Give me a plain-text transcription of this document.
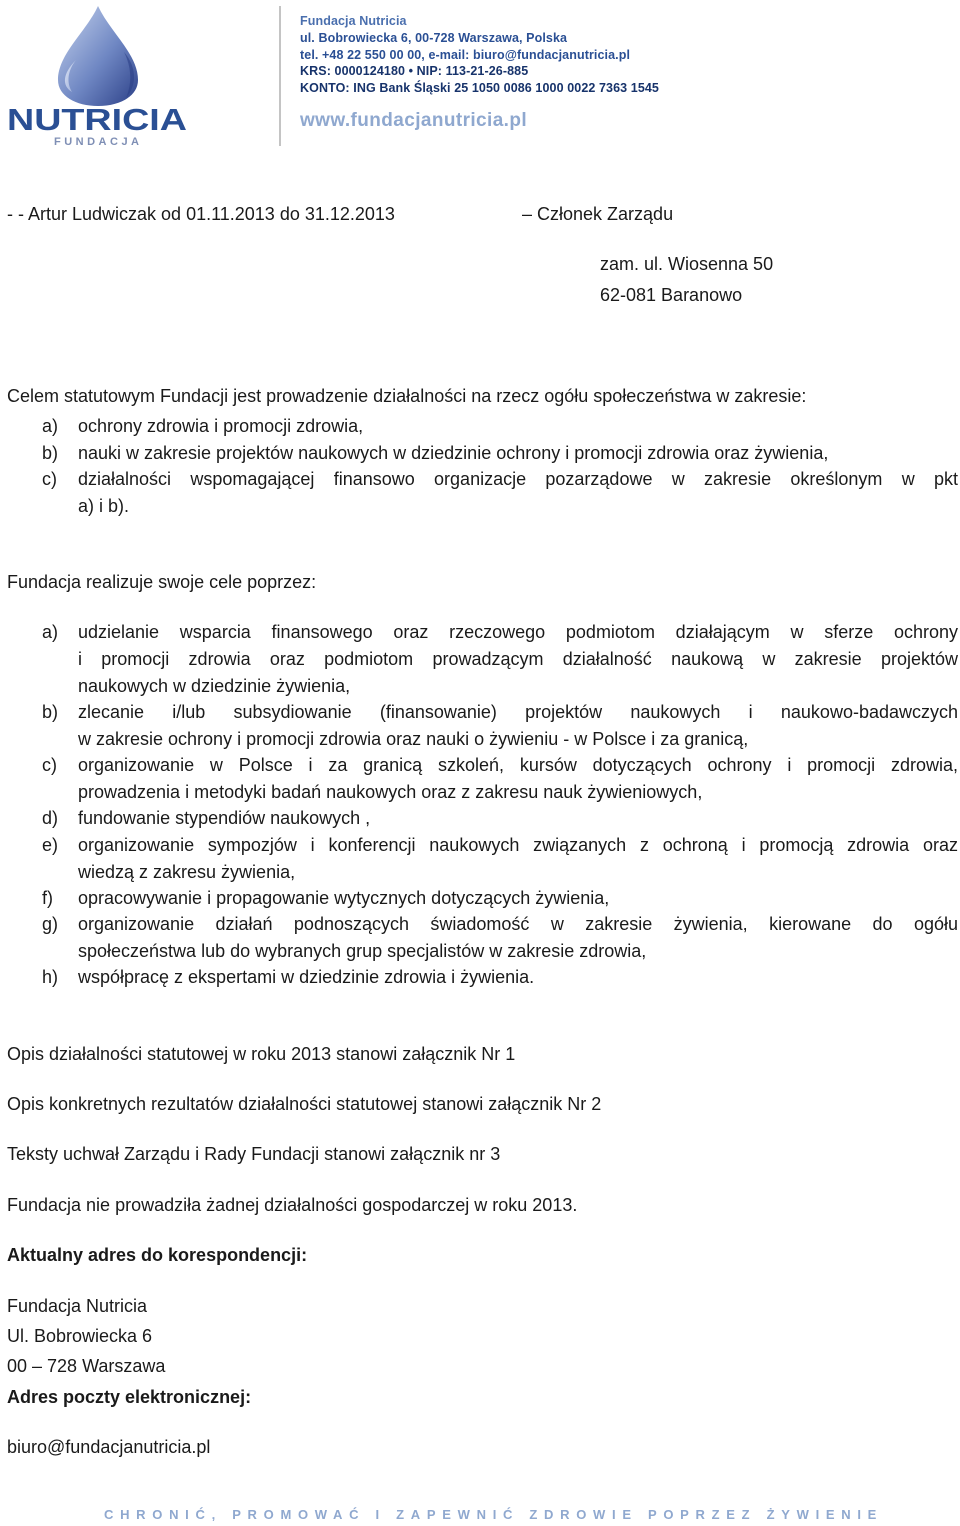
NUTRICIA
FUNDACJA
Fundacja Nutricia
ul. Bobrowiecka 6, 00-728 Warszawa, Polska
tel. +48 22 550 00 00, e-mail: biuro@fundacjanutricia.pl
KRS: 0000124180 • NIP: 113-21-26-885
KONTO: ING Bank Śląski 25 1050 0086 1000 0022 7363 1545
www.fundacjanutricia.pl
- - Artur Ludwiczak od 01.11.2013 do 31.12.2013	– Członek Zarządu
zam. ul. Wiosenna 50
62-081 Baranowo
Celem statutowym Fundacji jest prowadzenie działalności na rzecz ogółu społeczeństwa w zakresie:
a) ochrony zdrowia i promocji zdrowia,
b) nauki w zakresie projektów naukowych w dziedzinie ochrony i promocji zdrowia oraz żywienia,
c) działalności wspomagającej finansowo organizacje pozarządowe w zakresie określonym w pkt
a) i b).
Fundacja realizuje swoje cele poprzez:
a) udzielanie wsparcia finansowego oraz rzeczowego podmiotom działającym w sferze ochrony
i promocji zdrowia oraz podmiotom prowadzącym działalność naukową w zakresie projektów
naukowych w dziedzinie żywienia,
b) zlecanie i/lub subsydiowanie (finansowanie) projektów naukowych i naukowo-badawczych
w zakresie ochrony i promocji zdrowia oraz nauki o żywieniu - w Polsce i za granicą,
c) organizowanie w Polsce i za granicą szkoleń, kursów dotyczących ochrony i promocji zdrowia,
prowadzenia i metodyki badań naukowych oraz z zakresu nauk żywieniowych,
d) fundowanie stypendiów naukowych ,
e) organizowanie sympozjów i konferencji naukowych związanych z ochroną i promocją zdrowia oraz
wiedzą z zakresu żywienia,
f) opracowywanie i propagowanie wytycznych dotyczących żywienia,
g) organizowanie działań podnoszących świadomość w zakresie żywienia, kierowane do ogółu
społeczeństwa lub do wybranych grup specjalistów w zakresie zdrowia,
h) współpracę z ekspertami w dziedzinie zdrowia i żywienia.
Opis działalności statutowej w roku 2013 stanowi załącznik Nr 1
Opis konkretnych rezultatów działalności statutowej stanowi załącznik Nr 2
Teksty uchwał Zarządu i Rady Fundacji stanowi załącznik nr 3
Fundacja nie prowadziła żadnej działalności gospodarczej w roku 2013.
Aktualny adres do korespondencji:
Fundacja Nutricia
Ul. Bobrowiecka 6
00 – 728 Warszawa
Adres poczty elektronicznej:
biuro@fundacjanutricia.pl
CHRONIĆ, PROMOWAĆ I ZAPEWNIĆ ZDROWIE POPRZEZ ŻYWIENIE
